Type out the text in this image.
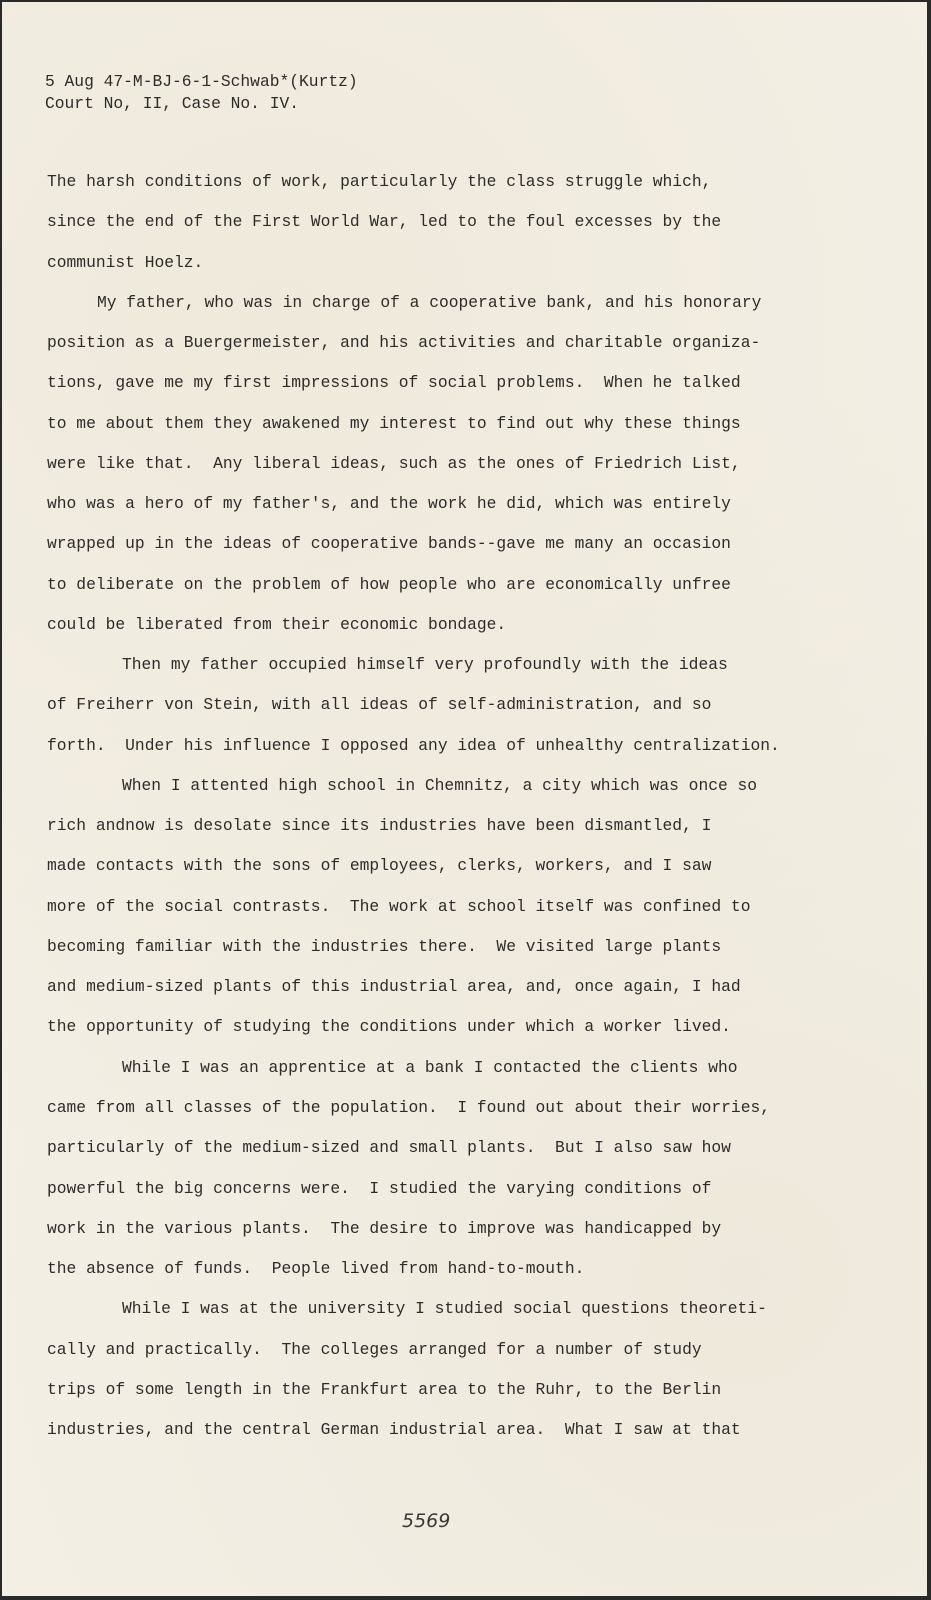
5 Aug 47-M-BJ-6-1-Schwab*(Kurtz)
Court No, II, Case No. IV.
The harsh conditions of work, particularly the class struggle which,
since the end of the First World War, led to the foul excesses by the
communist Hoelz.
My father, who was in charge of a cooperative bank, and his honorary
position as a Buergermeister, and his activities and charitable organiza-
tions, gave me my first impressions of social problems.  When he talked
to me about them they awakened my interest to find out why these things
were like that.  Any liberal ideas, such as the ones of Friedrich List,
who was a hero of my father's, and the work he did, which was entirely
wrapped up in the ideas of cooperative bands--gave me many an occasion
to deliberate on the problem of how people who are economically unfree
could be liberated from their economic bondage.
Then my father occupied himself very profoundly with the ideas
of Freiherr von Stein, with all ideas of self-administration, and so
forth.  Under his influence I opposed any idea of unhealthy centralization.
When I attented high school in Chemnitz, a city which was once so
rich andnow is desolate since its industries have been dismantled, I
made contacts with the sons of employees, clerks, workers, and I saw
more of the social contrasts.  The work at school itself was confined to
becoming familiar with the industries there.  We visited large plants
and medium-sized plants of this industrial area, and, once again, I had
the opportunity of studying the conditions under which a worker lived.
While I was an apprentice at a bank I contacted the clients who
came from all classes of the population.  I found out about their worries,
particularly of the medium-sized and small plants.  But I also saw how
powerful the big concerns were.  I studied the varying conditions of
work in the various plants.  The desire to improve was handicapped by
the absence of funds.  People lived from hand-to-mouth.
While I was at the university I studied social questions theoreti-
cally and practically.  The colleges arranged for a number of study
trips of some length in the Frankfurt area to the Ruhr, to the Berlin
industries, and the central German industrial area.  What I saw at that
5569
